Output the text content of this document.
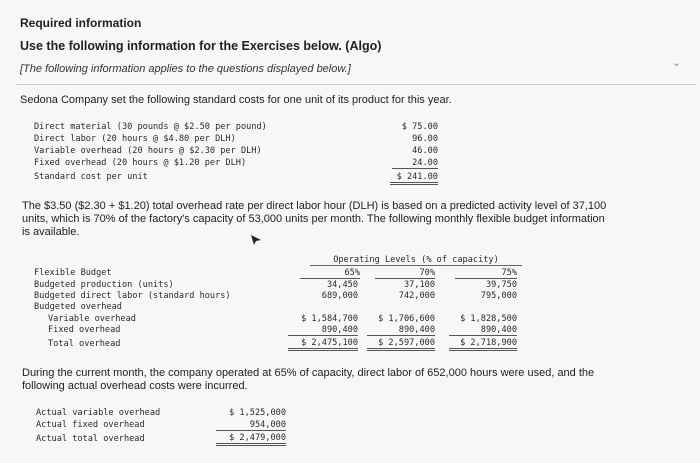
Required information
Use the following information for the Exercises below. (Algo)
[The following information applies to the questions displayed below.]	⌄
Sedona Company set the following standard costs for one unit of its product for this year.
Direct material (30 pounds @ $2.50 per pound)	$ 75.00
Direct labor (20 hours @ $4.80 per DLH)	96.00
Variable overhead (20 hours @ $2.30 per DLH)	46.00
Fixed overhead (20 hours @ $1.20 per DLH)	24.00
Standard cost per unit	$ 241.00
The $3.50 ($2.30 + $1.20) total overhead rate per direct labor hour (DLH) is based on a predicted activity level of 37,100
units, which is 70% of the factory's capacity of 53,000 units per month. The following monthly flexible budget information
is available.
Operating Levels (% of capacity)
Flexible Budget	65%	70%	75%
Budgeted production (units)	34,450	37,100	39,750
Budgeted direct labor (standard hours)	689,000	742,000	795,000
Budgeted overhead
Variable overhead	$ 1,584,700	$ 1,706,600	$ 1,828,500
Fixed overhead	890,400	890,400	890,400
Total overhead	$ 2,475,100	$ 2,597,000	$ 2,718,900
During the current month, the company operated at 65% of capacity, direct labor of 652,000 hours were used, and the
following actual overhead costs were incurred.
Actual variable overhead	$ 1,525,000
Actual fixed overhead	954,000
Actual total overhead	$ 2,479,000
